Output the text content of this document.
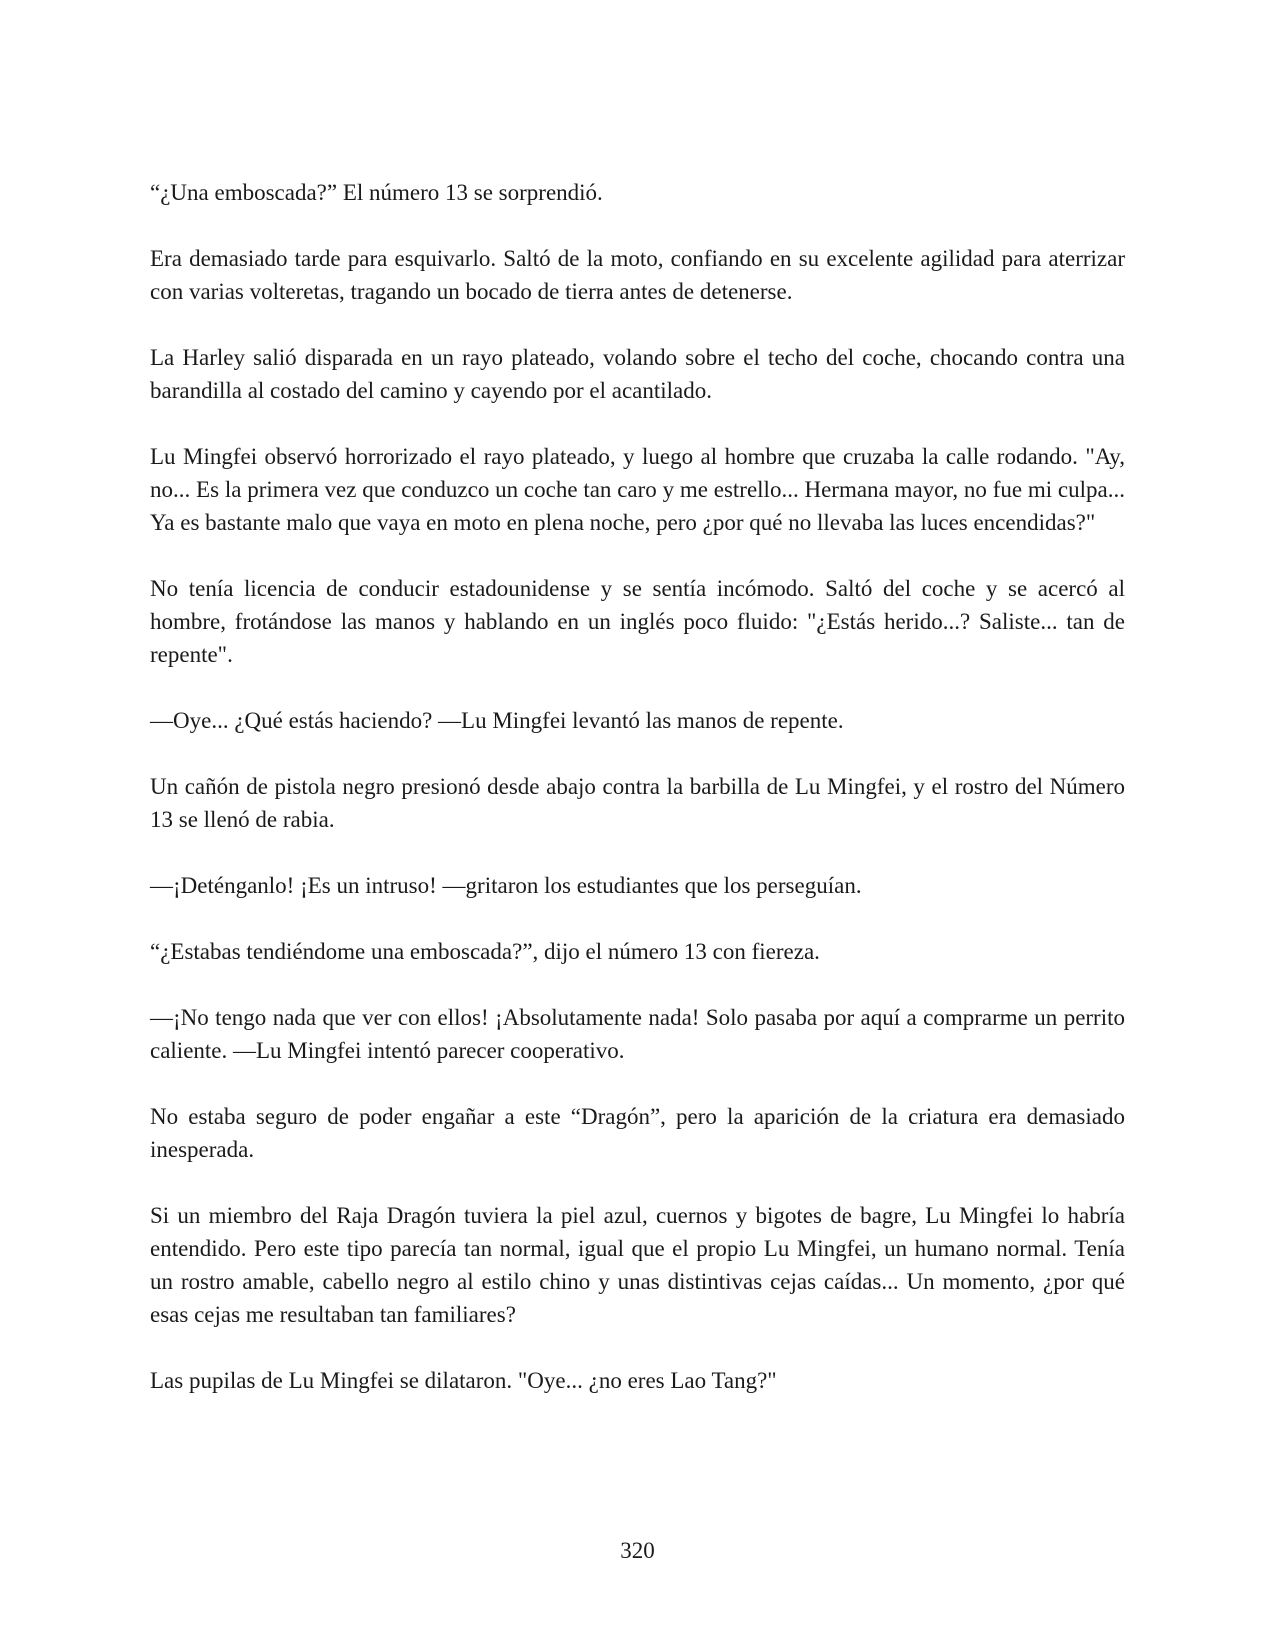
“¿Una emboscada?” El número 13 se sorprendió.

Era demasiado tarde para esquivarlo. Saltó de la moto, confiando en su excelente agilidad para aterrizar con varias volteretas, tragando un bocado de tierra antes de detenerse.

La Harley salió disparada en un rayo plateado, volando sobre el techo del coche, chocando contra una barandilla al costado del camino y cayendo por el acantilado.

Lu Mingfei observó horrorizado el rayo plateado, y luego al hombre que cruzaba la calle rodando. "Ay, no... Es la primera vez que conduzco un coche tan caro y me estrello... Hermana mayor, no fue mi culpa... Ya es bastante malo que vaya en moto en plena noche, pero ¿por qué no llevaba las luces encendidas?"

No tenía licencia de conducir estadounidense y se sentía incómodo. Saltó del coche y se acercó al hombre, frotándose las manos y hablando en un inglés poco fluido: "¿Estás herido...? Saliste... tan de repente".

—Oye... ¿Qué estás haciendo? —Lu Mingfei levantó las manos de repente.

Un cañón de pistola negro presionó desde abajo contra la barbilla de Lu Mingfei, y el rostro del Número 13 se llenó de rabia.

—¡Deténganlo! ¡Es un intruso! —gritaron los estudiantes que los perseguían.

“¿Estabas tendiéndome una emboscada?”, dijo el número 13 con fiereza.

—¡No tengo nada que ver con ellos! ¡Absolutamente nada! Solo pasaba por aquí a comprarme un perrito caliente. —Lu Mingfei intentó parecer cooperativo.

No estaba seguro de poder engañar a este “Dragón”, pero la aparición de la criatura era demasiado inesperada.

Si un miembro del Raja Dragón tuviera la piel azul, cuernos y bigotes de bagre, Lu Mingfei lo habría entendido. Pero este tipo parecía tan normal, igual que el propio Lu Mingfei, un humano normal. Tenía un rostro amable, cabello negro al estilo chino y unas distintivas cejas caídas... Un momento, ¿por qué esas cejas me resultaban tan familiares?

Las pupilas de Lu Mingfei se dilataron. "Oye... ¿no eres Lao Tang?"

320
